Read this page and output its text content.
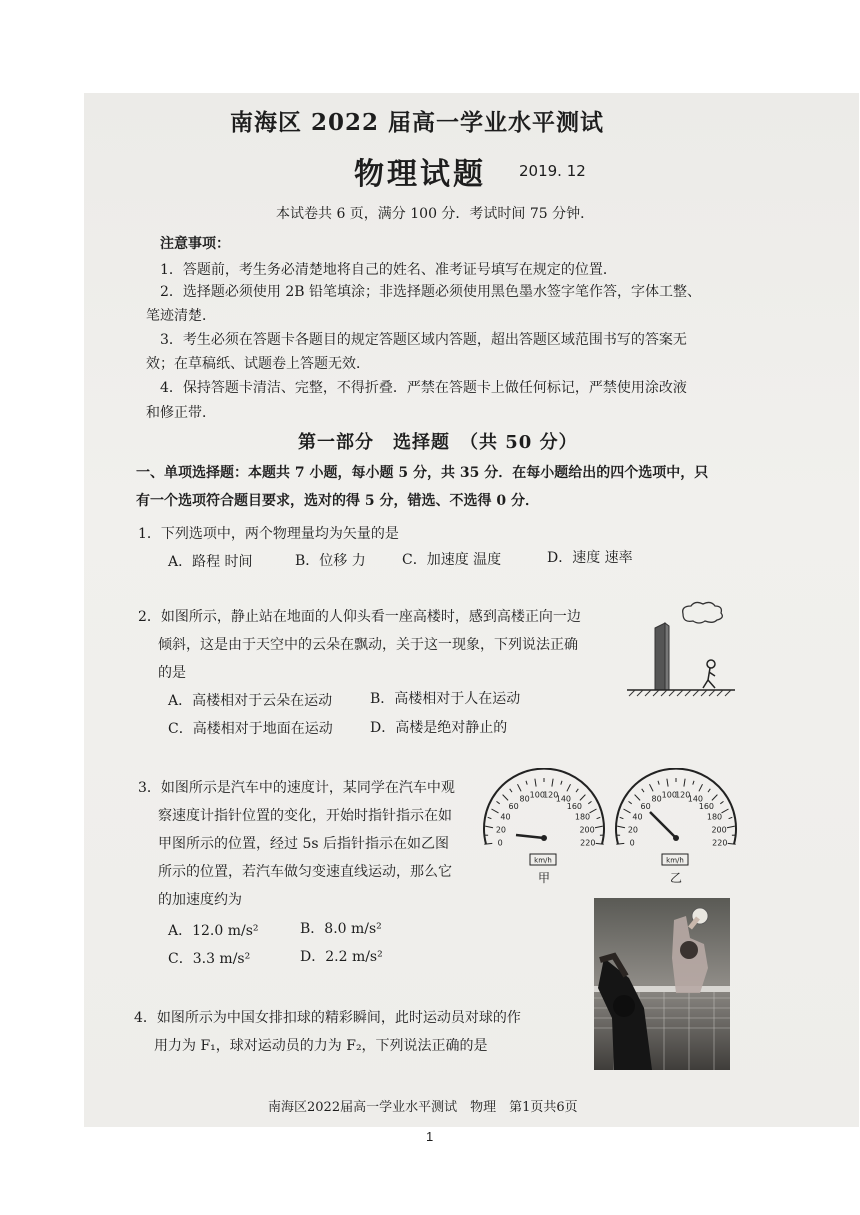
南海区 2022 届高一学业水平测试
物理试题 2019. 12
本试卷共 6 页，满分 100 分．考试时间 75 分钟．
注意事项：
1．答题前，考生务必清楚地将自己的姓名、准考证号填写在规定的位置．
2．选择题必须使用 2B 铅笔填涂；非选择题必须使用黑色墨水签字笔作答，字体工整、
笔迹清楚．
3．考生必须在答题卡各题目的规定答题区域内答题，超出答题区域范围书写的答案无
效；在草稿纸、试题卷上答题无效．
4．保持答题卡清洁、完整，不得折叠．严禁在答题卡上做任何标记，严禁使用涂改液
和修正带．
第一部分　选择题　（共 50 分）
一、单项选择题：本题共 7 小题，每小题 5 分，共 35 分．在每小题给出的四个选项中，只
有一个选项符合题目要求，选对的得 5 分，错选、不选得 0 分．
1．下列选项中，两个物理量均为矢量的是
A．路程 时间	B．位移 力	C．加速度 温度	D．速度 速率
2．如图所示，静止站在地面的人仰头看一座高楼时，感到高楼正向一边
倾斜，这是由于天空中的云朵在飘动，关于这一现象，下列说法正确
的是
A．高楼相对于云朵在运动	B．高楼相对于人在运动
C．高楼相对于地面在运动	D．高楼是绝对静止的
3．如图所示是汽车中的速度计，某同学在汽车中观
察速度计指针位置的变化，开始时指针指示在如
甲图所示的位置，经过 5s 后指针指示在如乙图
所示的位置，若汽车做匀变速直线运动，那么它
的加速度约为
A．12.0 m/s²	B．8.0 m/s²
C．3.3 m/s²	D．2.2 m/s²
0
20
40
60
80 100
120
140
160
180
200
220
km/h
甲
0
20
40
60
80 100
120
140
160
180
200
220
km/h
乙
4．如图所示为中国女排扣球的精彩瞬间，此时运动员对球的作
用力为 F₁，球对运动员的力为 F₂，下列说法正确的是
南海区2022届高一学业水平测试　物理　第1页共6页
1
